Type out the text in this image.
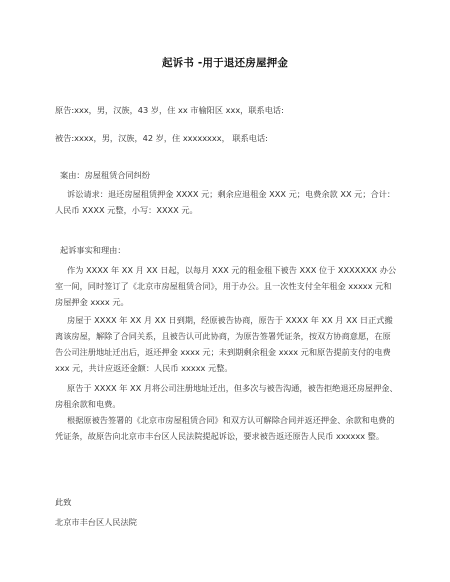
起诉书 -用于退还房屋押金
原告:xxx，男，汉族，43 岁，住 xx 市榆阳区 xxx，联系电话:
被告:xxxx，男，汉族，42 岁，住 xxxxxxxx， 联系电话:
案由：房屋租赁合同纠纷
诉讼请求：退还房屋租赁押金 XXXX 元；剩余应退租金 XXX 元；电费余款 XX 元；合计：人民币 XXXX 元整，小写：XXXX 元。
起诉事实和理由：
作为 XXXX 年 XX 月 XX 日起，以每月 XXX 元的租金租下被告 XXX 位于 XXXXXXX 办公室一间，同时签订了《北京市房屋租赁合同》，用于办公。且一次性支付全年租金 xxxxx 元和房屋押金 xxxx 元。
房屋于 XXXX 年 XX 月 XX 日到期，经原被告协商，原告于 XXXX 年 XX 月 XX 日正式搬离该房屋，解除了合同关系，且被告认可此协商，为原告签署凭证条，按双方协商意愿，在原告公司注册地址迁出后，返还押金 xxxx 元；未到期剩余租金 xxxx 元和原告提前支付的电费 xxx 元，共计应返还金额：人民币 xxxxx 元整。
原告于 XXXX 年 XX 月将公司注册地址迁出，但多次与被告沟通，被告拒绝退还房屋押金、房租余款和电费。
根据原被告签署的《北京市房屋租赁合同》和双方认可解除合同并返还押金、余款和电费的凭证条，故原告向北京市丰台区人民法院提起诉讼，要求被告返还原告人民币 xxxxxx 整。
此致
北京市丰台区人民法院
